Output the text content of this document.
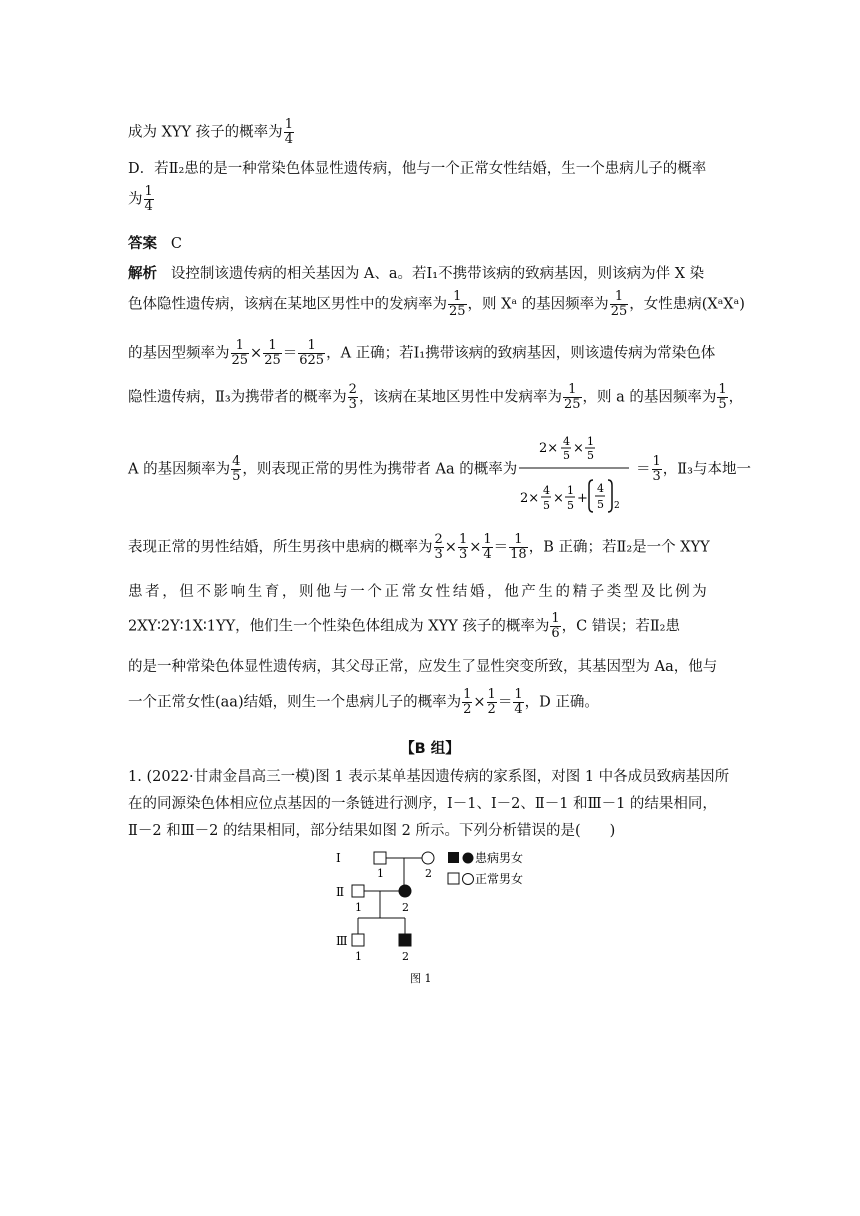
成为 XYY 孩子的概率为 $\frac{1}{4}$
D．若Ⅱ₂患的是一种常染色体显性遗传病，他与一个正常女性结婚，生一个患病儿子的概率
为 $\frac{1}{4}$
答案 C
解析 设控制该遗传病的相关基因为 A、a。若Ⅰ₁不携带该病的致病基因，则该病为伴 X 染
色体隐性遗传病，该病在某地区男性中的发病率为 $\frac{1}{25}$ ，则 Xᵃ 的基因频率为 $\frac{1}{25}$ ，女性患病(XᵃXᵃ)
的基因型频率为 $\frac{1}{25} \times \frac{1}{25} = \frac{1}{625}$ ，A 正确；若Ⅰ₁携带该病的致病基因，则该遗传病为常染色体
隐性遗传病，Ⅱ₃为携带者的概率为 $\frac{2}{3}$ ，该病在某地区男性中发病率为 $\frac{1}{25}$ ，则 a 的基因频率为 $\frac{1}{5}$ ，
A 的基因频率为 $\frac{4}{5}$ ，则表现正常的男性为携带者 Aa 的概率为
2× 4
5 × 1
5
2×
4
5 ×
1
5 +
4
5 2
＝ $\frac{1}{3}$ ，Ⅱ₃与本地一
表现正常的男性结婚，所生男孩中患病的概率为 $\frac{2}{3} \times \frac{1}{3} \times \frac{1}{4} = \frac{1}{18}$ ，B 正确；若Ⅱ₂是一个 XYY
患者，但不影响生育，则他与一个正常女性结婚，他产生的精子类型及比例为
2XY∶2Y∶1X∶1YY，他们生一个性染色体组成为 XYY 孩子的概率为 $\frac{1}{6}$ ，C 错误；若Ⅱ₂患
的是一种常染色体显性遗传病，其父母正常，应发生了显性突变所致，其基因型为 Aa，他与
一个正常女性(aa)结婚，则生一个患病儿子的概率为 $\frac{1}{2} \times \frac{1}{2} = \frac{1}{4}$ ，D 正确。
【B 组】
1. (2022·甘肃金昌高三一模)图 1 表示某单基因遗传病的家系图，对图 1 中各成员致病基因所
在的同源染色体相应位点基因的一条链进行测序，Ⅰ－1、Ⅰ－2、Ⅱ－1 和Ⅲ－1 的结果相同，
Ⅱ－2 和Ⅲ－2 的结果相同，部分结果如图 2 所示。下列分析错误的是(　　)
Ⅰ
Ⅱ
Ⅲ
1	2
1	2
1	2
患病男女
正常男女
图 1
